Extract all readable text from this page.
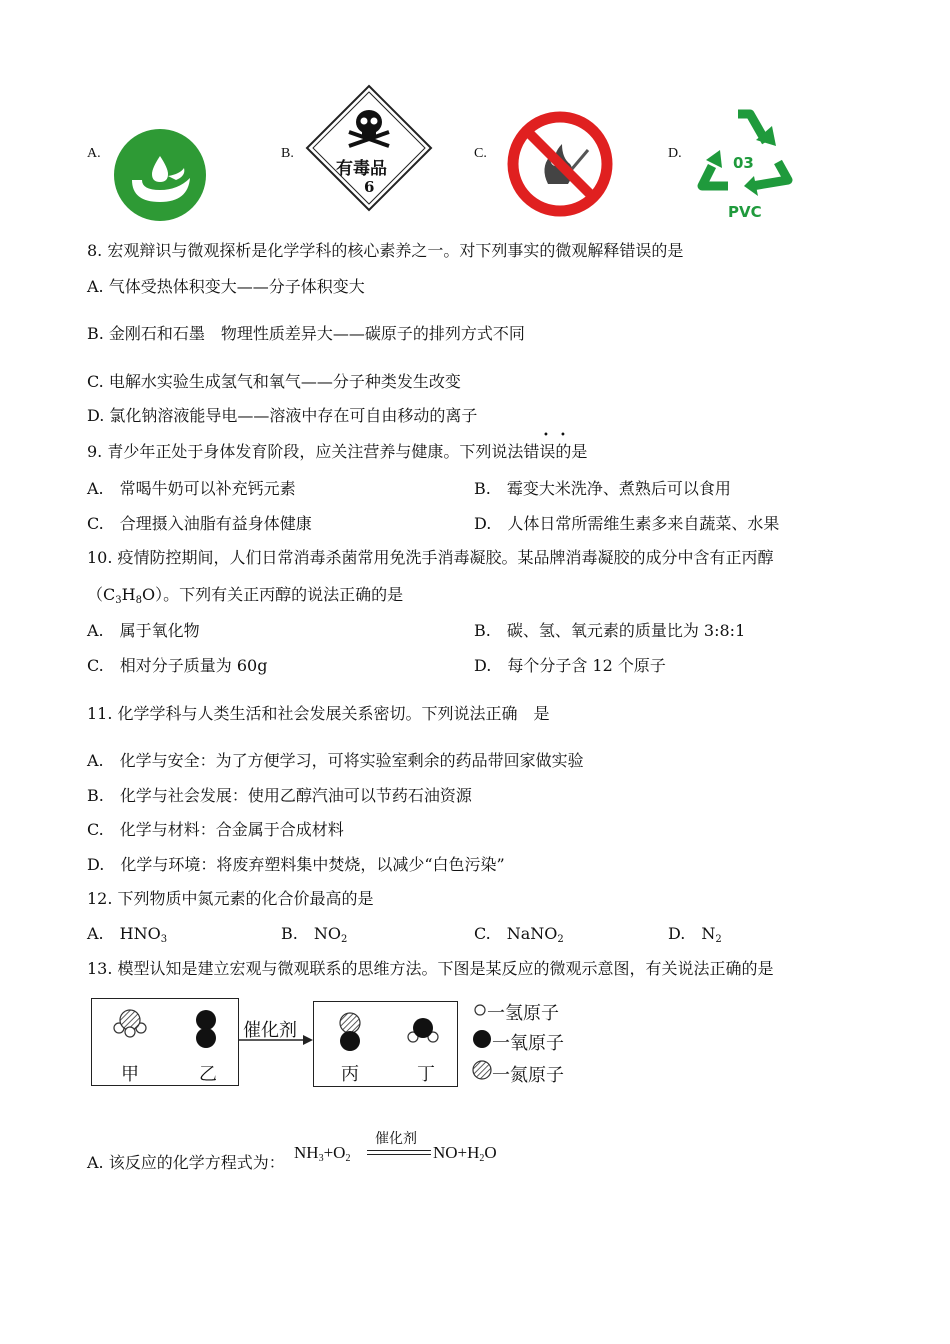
A.	B.
有毒品
6
C.	D.
03
PVC
8. 宏观辩识与微观探析是化学学科的核心素养之一。对下列事实的微观解释错误的是
A. 气体受热体积变大——分子体积变大
B. 金刚石和石墨　物理性质差异大——碳原子的排列方式不同
C. 电解水实验生成氢气和氧气——分子种类发生改变
D. 氯化钠溶液能导电——溶液中存在可自由移动的离子
9. 青少年正处于身体发育阶段，应关注营养与健康。下列说法错误的是
• •
A.　常喝牛奶可以补充钙元素	B.　霉变大米洗净、煮熟后可以食用
C.　合理摄入油脂有益身体健康	D.　人体日常所需维生素多来自蔬菜、水果
10. 疫情防控期间，人们日常消毒杀菌常用免洗手消毒凝胶。某品牌消毒凝胶的成分中含有正丙醇
$(C_3H_8O)$。下列有关正丙醇的说法正确的是
A.　属于氧化物	B.　碳、氢、氧元素的质量比为 3:8:1
C.　相对分子质量为 60g	D.　每个分子含 12 个原子
11. 化学学科与人类生活和社会发展关系密切。下列说法正确　是
A.　化学与安全：为了方便学习，可将实验室剩余的药品带回家做实验
B.　化学与社会发展：使用乙醇汽油可以节药石油资源
C.　化学与材料：合金属于合成材料
D.　化学与环境：将废弃塑料集中焚烧，以减少“白色污染”
12. 下列物质中氮元素的化合价最高的是
A.　$HNO_3$	B.　$NO_2$	C.　NaNO$_2$	D.　$N_2$
13. 模型认知是建立宏观与微观联系的思维方法。下图是某反应的微观示意图，有关说法正确的是
催化剂
甲	乙	丙	丁
一氢原子
一氧原子
一氮原子
A. 该反应的化学方程式为：
$NH_3+O_2$
催化剂
$NO+H_2O$
